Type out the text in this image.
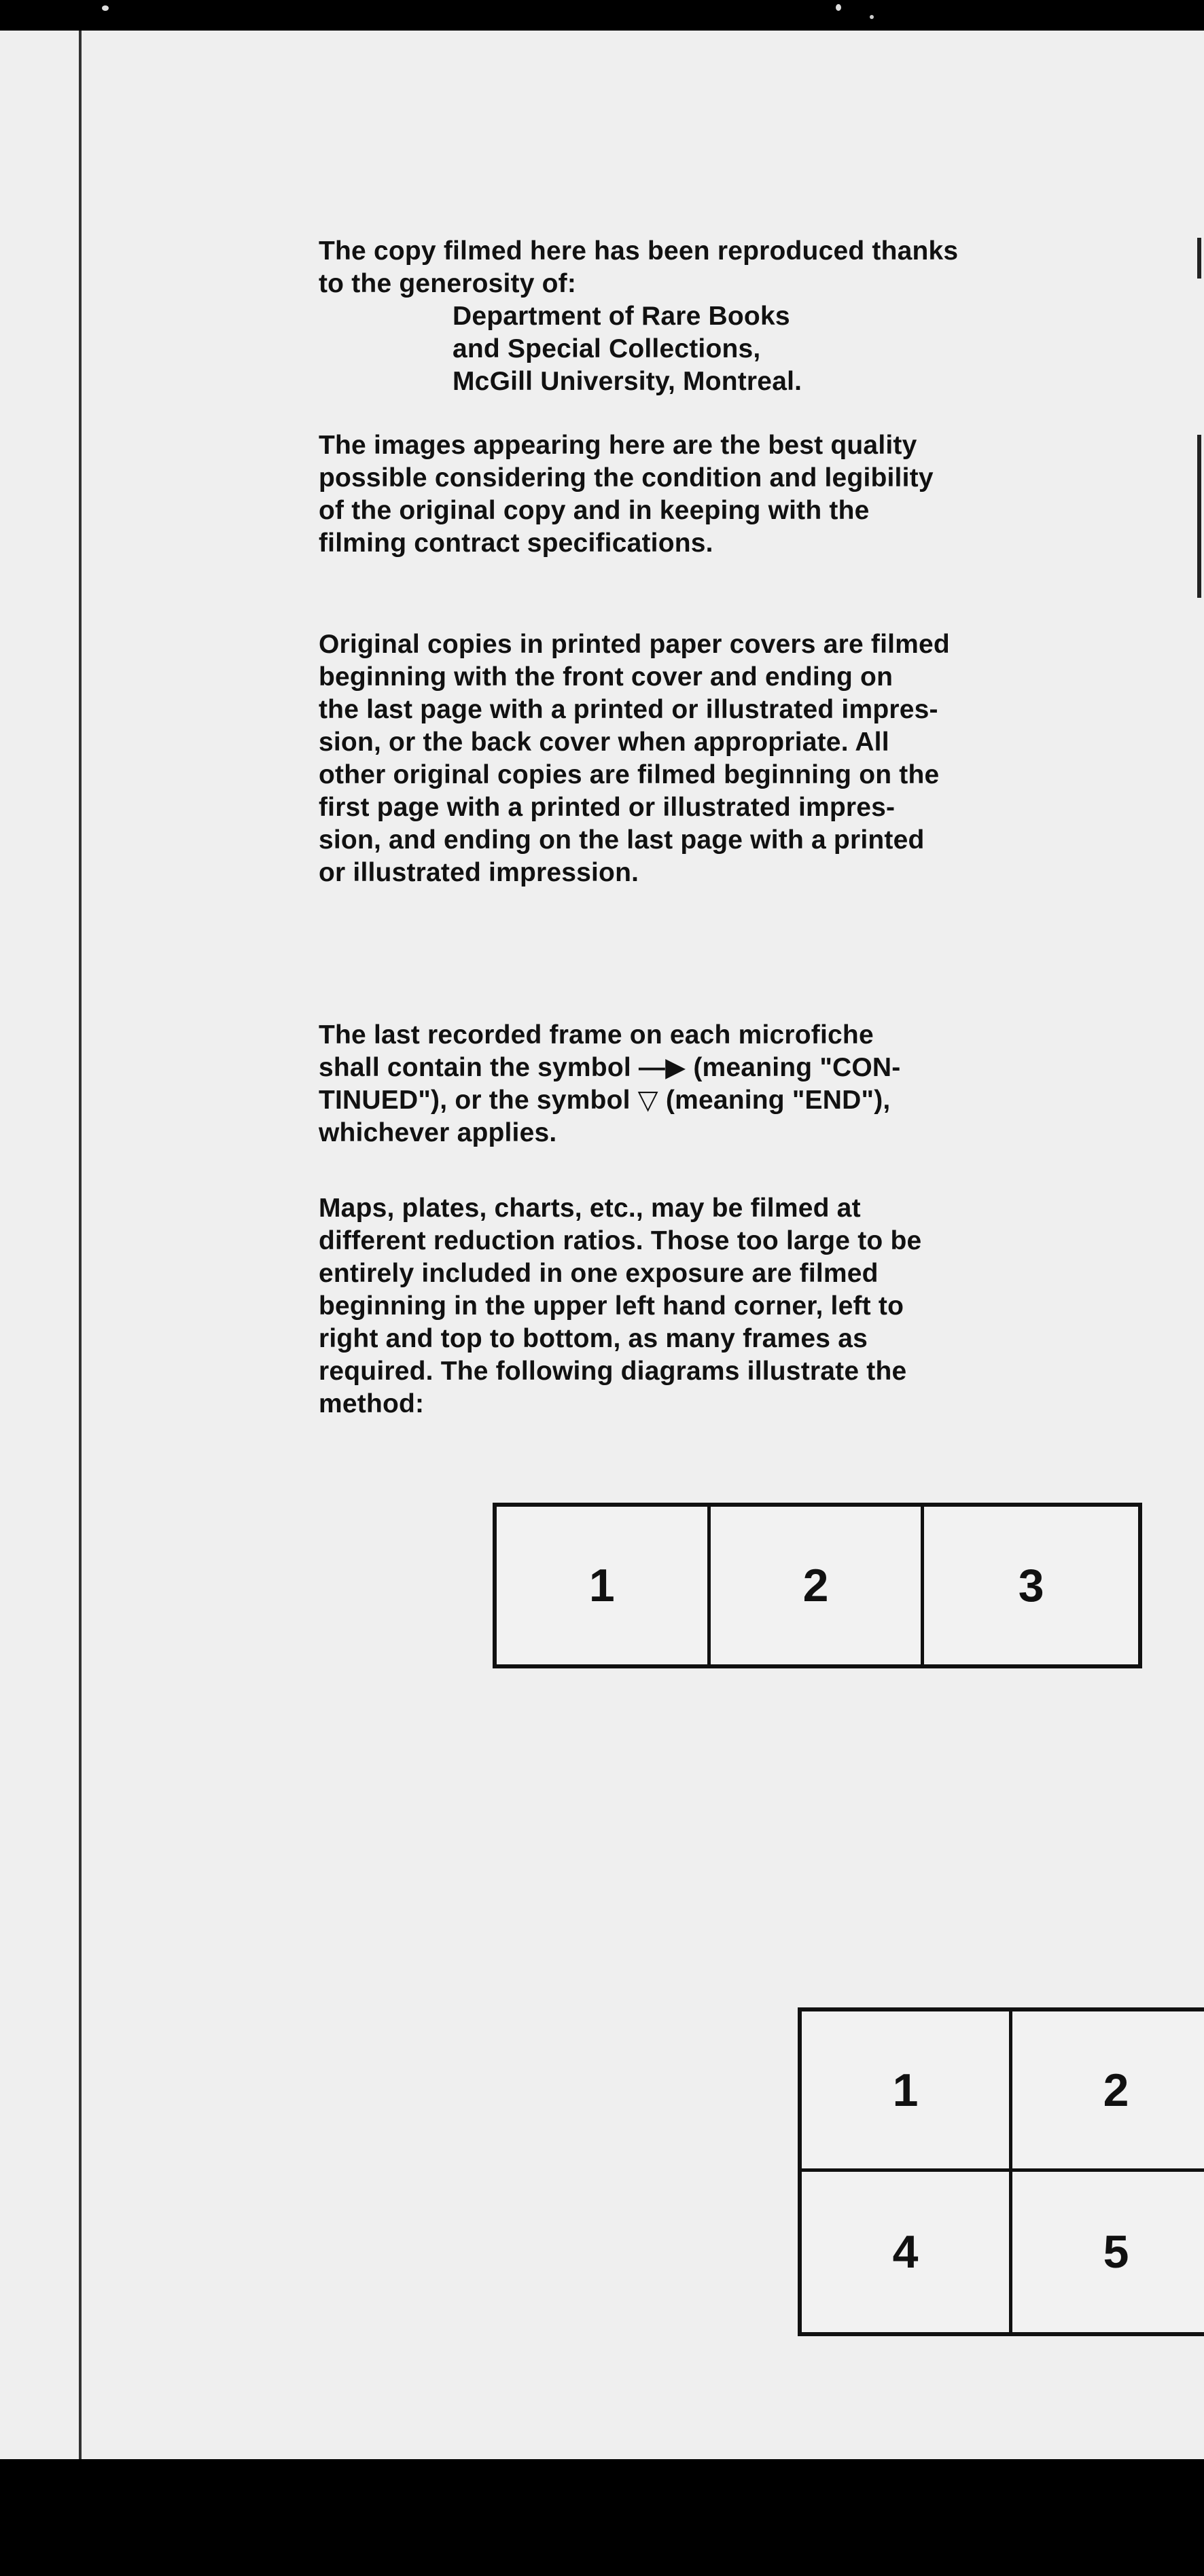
The copy filmed here has been reproduced thanks
to the generosity of:

Department of Rare Books
and Special Collections,
McGill University, Montreal.

The images appearing here are the best quality
possible considering the condition and legibility
of the original copy and in keeping with the
filming contract specifications.

Original copies in printed paper covers are filmed
beginning with the front cover and ending on
the last page with a printed or illustrated impres-
sion, or the back cover when appropriate. All
other original copies are filmed beginning on the
first page with a printed or illustrated impres-
sion, and ending on the last page with a printed
or illustrated impression.

The last recorded frame on each microfiche
shall contain the symbol —▶ (meaning "CON-
TINUED"), or the symbol ▽ (meaning "END"),
whichever applies.

Maps, plates, charts, etc., may be filmed at
different reduction ratios. Those too large to be
entirely included in one exposure are filmed
beginning in the upper left hand corner, left to
right and top to bottom, as many frames as
required. The following diagrams illustrate the
method:

1	2	3
1	2
4	5
